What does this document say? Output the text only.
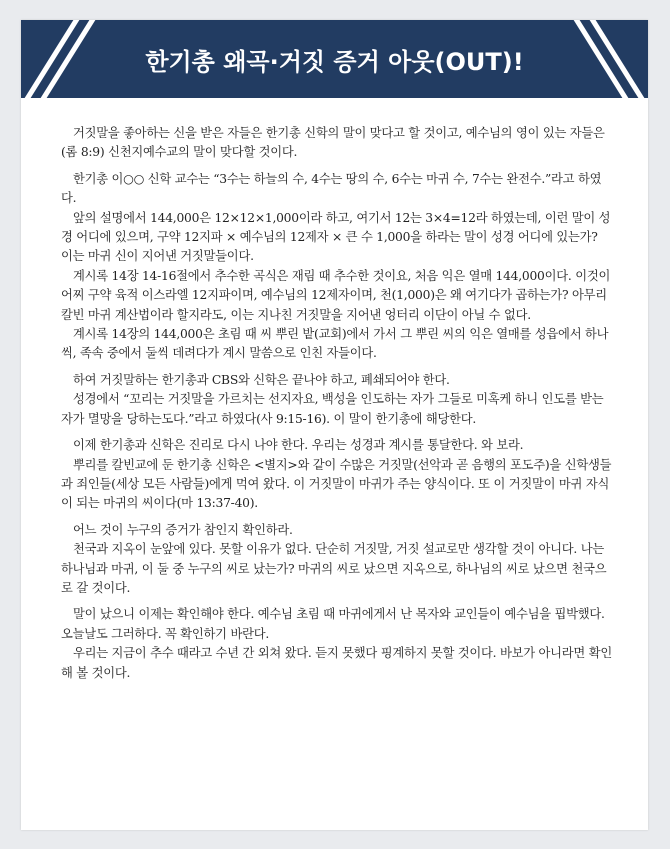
한기총 왜곡·거짓 증거 아웃(OUT)!

거짓말을 좋아하는 신을 받은 자들은 한기총 신학의 말이 맞다고 할 것이고, 예수님의 영이 있는 자들은(롬 8:9) 신천지예수교의 말이 맞다할 것이다.

한기총 이○○ 신학 교수는 “3수는 하늘의 수, 4수는 땅의 수, 6수는 마귀 수, 7수는 완전수.”라고 하였다.

앞의 설명에서 144,000은 12×12×1,000이라 하고, 여기서 12는 3×4=12라 하였는데, 이런 말이 성경 어디에 있으며, 구약 12지파 × 예수님의 12제자 × 큰 수 1,000을 하라는 말이 성경 어디에 있는가? 이는 마귀 신이 지어낸 거짓말들이다.

계시록 14장 14-16절에서 추수한 곡식은 재림 때 추수한 것이요, 처음 익은 열매 144,000이다. 이것이 어찌 구약 육적 이스라엘 12지파이며, 예수님의 12제자이며, 천(1,000)은 왜 여기다가 곱하는가? 아무리 칼빈 마귀 계산법이라 할지라도, 이는 지나친 거짓말을 지어낸 엉터리 이단이 아닐 수 없다.

계시록 14장의 144,000은 초림 때 씨 뿌린 밭(교회)에서 가서 그 뿌린 씨의 익은 열매를 성읍에서 하나씩, 족속 중에서 둘씩 데려다가 계시 말씀으로 인친 자들이다.

하여 거짓말하는 한기총과 CBS와 신학은 끝나야 하고, 폐쇄되어야 한다.

성경에서 “꼬리는 거짓말을 가르치는 선지자요, 백성을 인도하는 자가 그들로 미혹케 하니 인도를 받는 자가 멸망을 당하는도다.”라고 하였다(사 9:15-16). 이 말이 한기총에 해당한다.

이제 한기총과 신학은 진리로 다시 나야 한다. 우리는 성경과 계시를 통달한다. 와 보라.

뿌리를 칼빈교에 둔 한기총 신학은 <별지>와 같이 수많은 거짓말(선악과 곧 음행의 포도주)을 신학생들과 죄인들(세상 모든 사람들)에게 먹여 왔다. 이 거짓말이 마귀가 주는 양식이다. 또 이 거짓말이 마귀 자식이 되는 마귀의 씨이다(마 13:37-40).

어느 것이 누구의 증거가 참인지 확인하라.

천국과 지옥이 눈앞에 있다. 못할 이유가 없다. 단순히 거짓말, 거짓 설교로만 생각할 것이 아니다. 나는 하나님과 마귀, 이 둘 중 누구의 씨로 났는가? 마귀의 씨로 났으면 지옥으로, 하나님의 씨로 났으면 천국으로 갈 것이다.

말이 났으니 이제는 확인해야 한다. 예수님 초림 때 마귀에게서 난 목자와 교인들이 예수님을 핍박했다. 오늘날도 그러하다. 꼭 확인하기 바란다.

우리는 지금이 추수 때라고 수년 간 외쳐 왔다. 듣지 못했다 핑계하지 못할 것이다. 바보가 아니라면 확인해 볼 것이다.
